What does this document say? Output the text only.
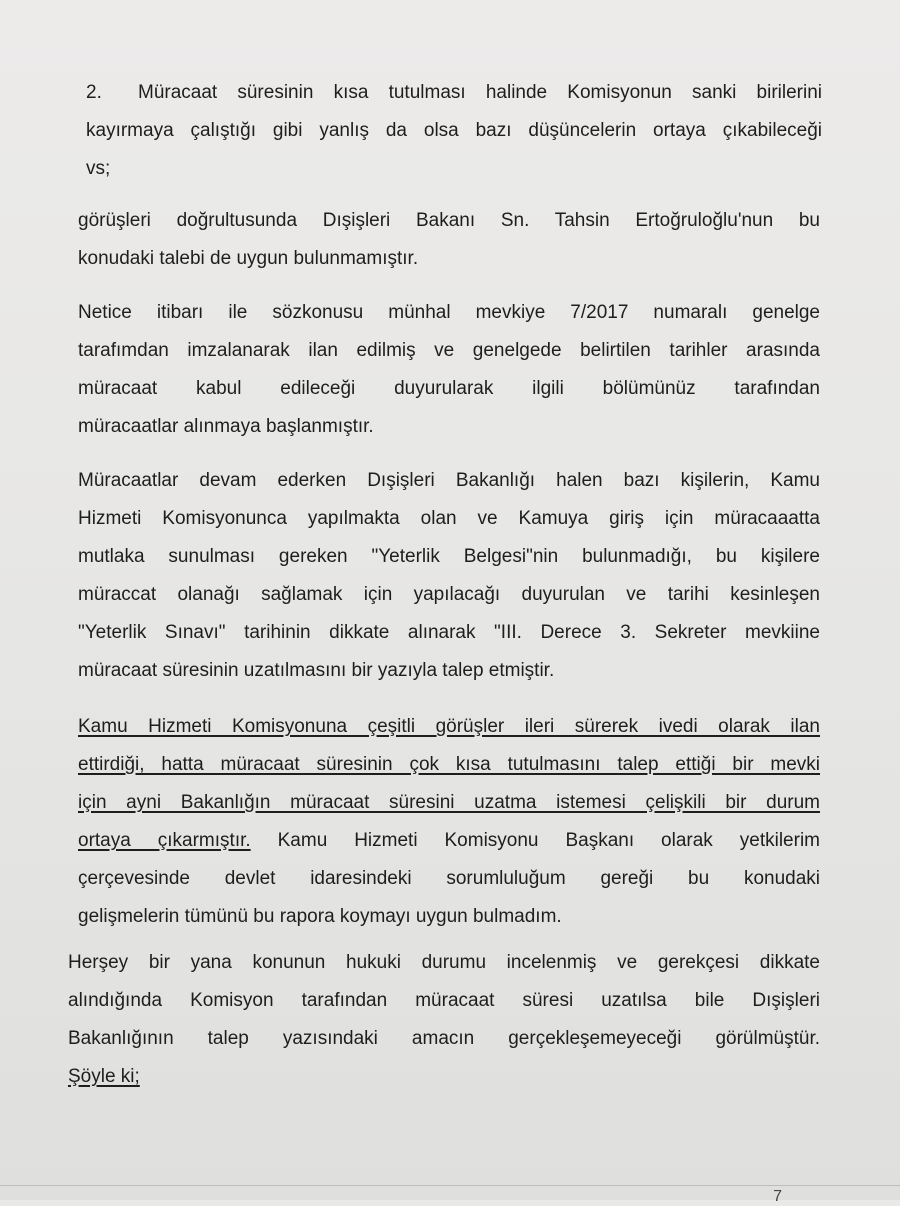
2. Müracaat süresinin kısa tutulması halinde Komisyonun sanki birilerini
kayırmaya çalıştığı gibi yanlış da olsa bazı düşüncelerin ortaya çıkabileceği
vs;
görüşleri doğrultusunda Dışişleri Bakanı Sn. Tahsin Ertoğruloğlu'nun bu
konudaki talebi de uygun bulunmamıştır.
Netice itibarı ile sözkonusu münhal mevkiye 7/2017 numaralı genelge
tarafımdan imzalanarak ilan edilmiş ve genelgede belirtilen tarihler arasında
müracaat kabul edileceği duyurularak ilgili bölümünüz tarafından
müracaatlar alınmaya başlanmıştır.
Müracaatlar devam ederken Dışişleri Bakanlığı halen bazı kişilerin, Kamu
Hizmeti Komisyonunca yapılmakta olan ve Kamuya giriş için müracaaatta
mutlaka sunulması gereken "Yeterlik Belgesi"nin bulunmadığı, bu kişilere
müraccat olanağı sağlamak için yapılacağı duyurulan ve tarihi kesinleşen
"Yeterlik Sınavı" tarihinin dikkate alınarak "III. Derece 3. Sekreter mevkiine
müracaat süresinin uzatılmasını bir yazıyla talep etmiştir.
Kamu Hizmeti Komisyonuna çeşitli görüşler ileri sürerek ivedi olarak ilan
ettirdiği, hatta müracaat süresinin çok kısa tutulmasını talep ettiği bir mevki
için ayni Bakanlığın müracaat süresini uzatma istemesi çelişkili bir durum
ortaya çıkarmıştır. Kamu Hizmeti Komisyonu Başkanı olarak yetkilerim
çerçevesinde devlet idaresindeki sorumluluğum gereği bu konudaki
gelişmelerin tümünü bu rapora koymayı uygun bulmadım.
Herşey bir yana konunun hukuki durumu incelenmiş ve gerekçesi dikkate
alındığında Komisyon tarafından müracaat süresi uzatılsa bile Dışişleri
Bakanlığının talep yazısındaki amacın gerçekleşemeyeceği görülmüştür.
Şöyle ki;
7
